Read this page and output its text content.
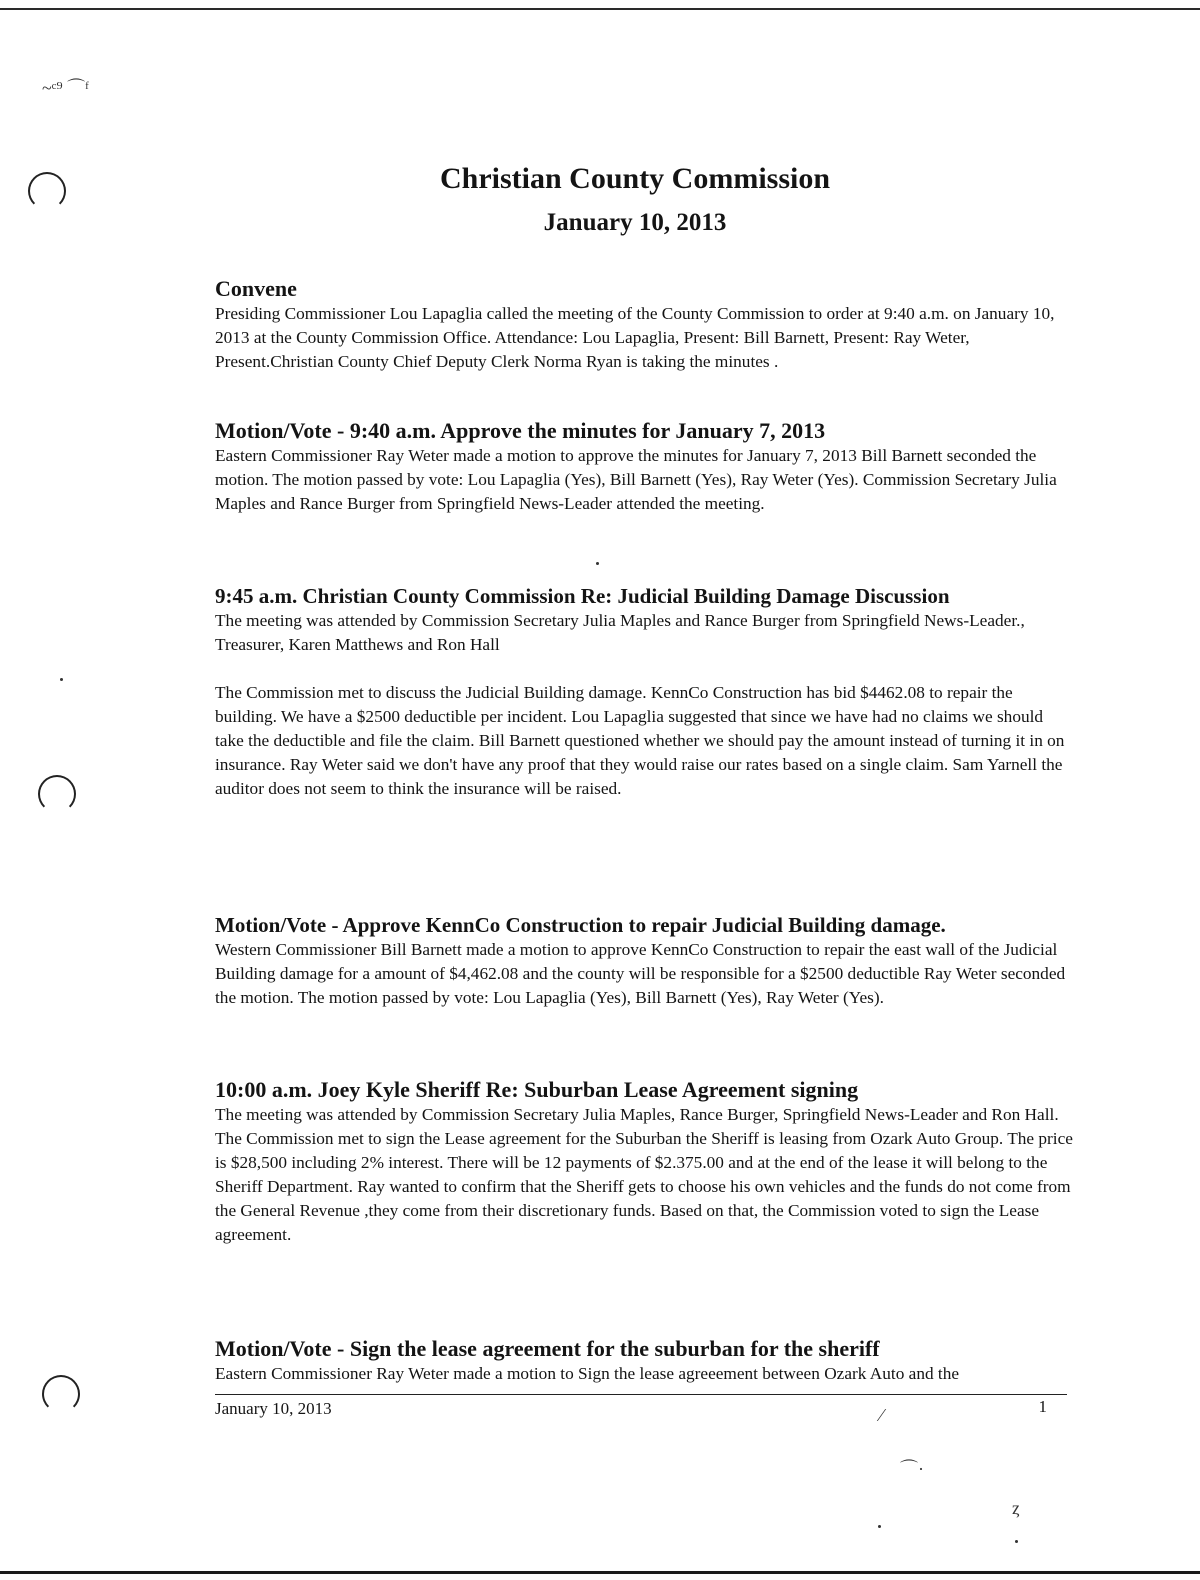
~ᶜ⁹ ⌒ᶠ
Christian County Commission
January 10, 2013
Convene

Presiding Commissioner Lou Lapaglia called the meeting of the County Commission to order at 9:40 a.m. on January 10, 2013 at the County Commission Office. Attendance: Lou Lapaglia, Present: Bill Barnett, Present: Ray Weter, Present.Christian County Chief Deputy Clerk Norma Ryan is taking the minutes .

Motion/Vote - 9:40 a.m. Approve the minutes for January 7, 2013

Eastern Commissioner Ray Weter made a motion to approve the minutes for January 7, 2013 Bill Barnett seconded the motion. The motion passed by vote: Lou Lapaglia (Yes), Bill Barnett (Yes), Ray Weter (Yes). Commission Secretary Julia Maples and Rance Burger from Springfield News-Leader attended the meeting.

9:45 a.m. Christian County Commission Re: Judicial Building Damage Discussion

The meeting was attended by Commission Secretary Julia Maples and Rance Burger from Springfield News-Leader., Treasurer, Karen Matthews and Ron Hall

The Commission met to discuss the Judicial Building damage. KennCo Construction has bid $4462.08 to repair the building. We have a $2500 deductible per incident. Lou Lapaglia suggested that since we have had no claims we should take the deductible and file the claim. Bill Barnett questioned whether we should pay the amount instead of turning it in on insurance. Ray Weter said we don't have any proof that they would raise our rates based on a single claim. Sam Yarnell the auditor does not seem to think the insurance will be raised.

Motion/Vote - Approve KennCo Construction to repair Judicial Building damage.

Western Commissioner Bill Barnett made a motion to approve KennCo Construction to repair the east wall of the Judicial Building damage for a amount of $4,462.08 and the county will be responsible for a $2500 deductible Ray Weter seconded the motion. The motion passed by vote: Lou Lapaglia (Yes), Bill Barnett (Yes), Ray Weter (Yes).

10:00 a.m. Joey Kyle Sheriff Re: Suburban Lease Agreement signing

The meeting was attended by Commission Secretary Julia Maples, Rance Burger, Springfield News-Leader and Ron Hall.

The Commission met to sign the Lease agreement for the Suburban the Sheriff is leasing from Ozark Auto Group. The price is $28,500 including 2% interest. There will be 12 payments of $2.375.00 and at the end of the lease it will belong to the Sheriff Department. Ray wanted to confirm that the Sheriff gets to choose his own vehicles and the funds do not come from the General Revenue ,they come from their discretionary funds. Based on that, the Commission voted to sign the Lease agreement.

Motion/Vote - Sign the lease agreement for the suburban for the sheriff

Eastern Commissioner Ray Weter made a motion to Sign the lease agreeement between Ozark Auto and the

January 10, 2013	1
⁄
⌒·
ȥ
